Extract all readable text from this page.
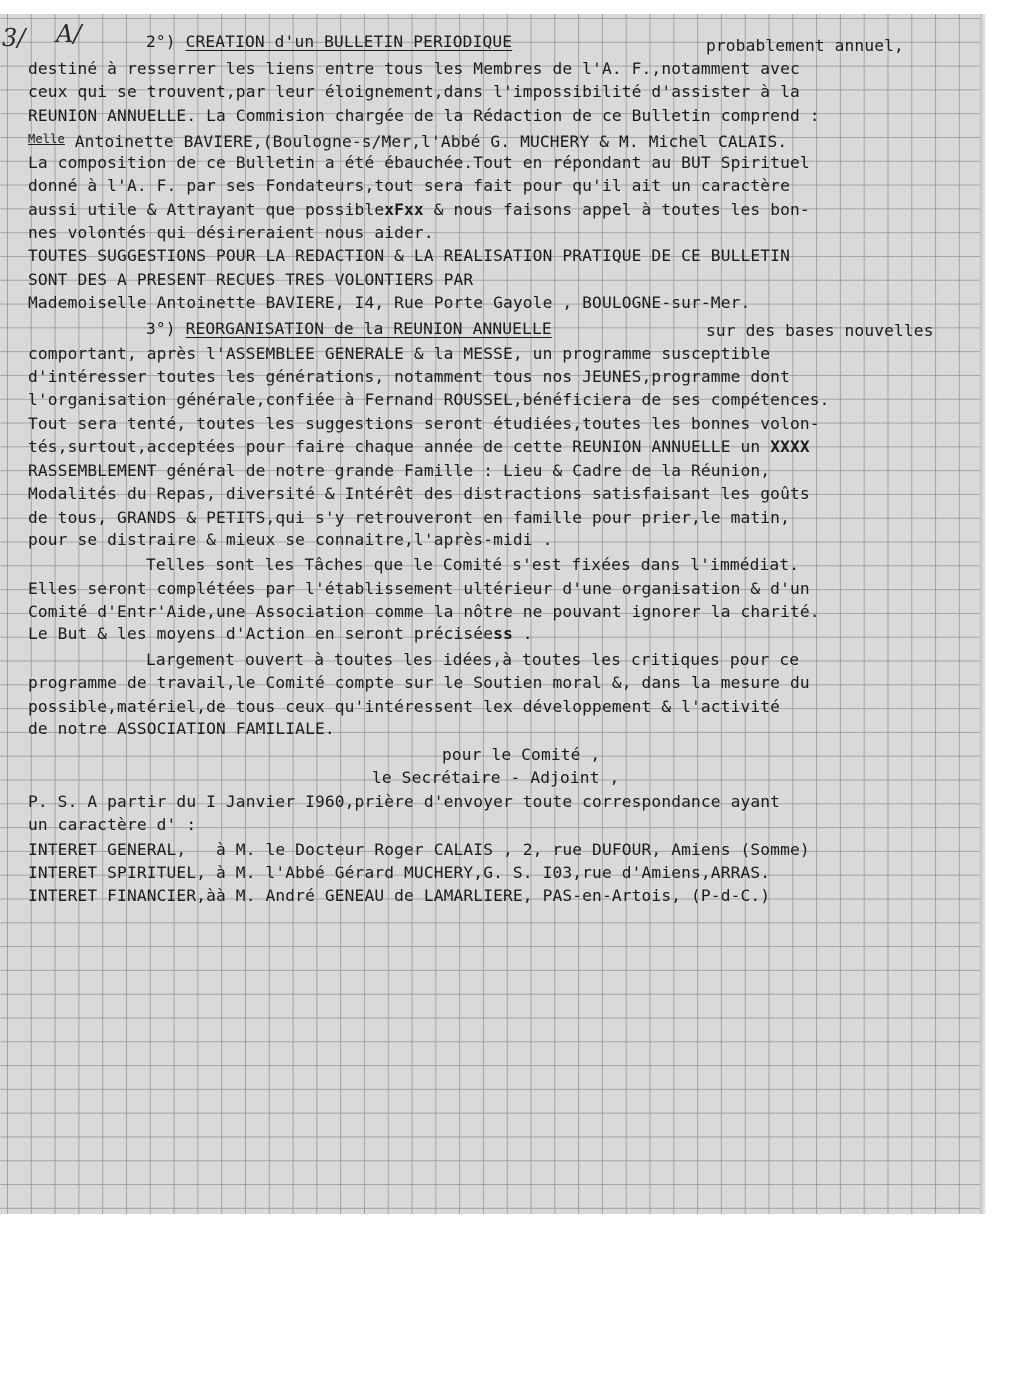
3/ A/	2°) CREATION d'un BULLETIN PERIODIQUE	probablement annuel,
destiné à resserrer les liens entre tous les Membres de l'A. F.,notamment avec
ceux qui se trouvent,par leur éloignement,dans l'impossibilité d'assister à la
REUNION ANNUELLE. La Commision chargée de la Rédaction de ce Bulletin comprend :
$^{Melle}$ Antoinette BAVIERE,(Boulogne-s/Mer,l'Abbé G. MUCHERY & M. Michel CALAIS.
La composition de ce Bulletin a été ébauchée.Tout en répondant au BUT Spirituel
donné à l'A. F. par ses Fondateurs,tout sera fait pour qu'il ait un caractère
aussi utile & Attrayant que possiblexFxx & nous faisons appel à toutes les bon-
nes volontés qui désireraient nous aider.
TOUTES SUGGESTIONS POUR LA REDACTION & LA REALISATION PRATIQUE DE CE BULLETIN
SONT DES A PRESENT RECUES TRES VOLONTIERS PAR
Mademoiselle Antoinette BAVIERE, I4, Rue Porte Gayole , BOULOGNE-sur-Mer.
3°) REORGANISATION de la REUNION ANNUELLE	sur des bases nouvelles
comportant, après l'ASSEMBLEE GENERALE & la MESSE, un programme susceptible
d'intéresser toutes les générations, notamment tous nos JEUNES,programme dont
l'organisation générale,confiée à Fernand ROUSSEL,bénéficiera de ses compétences.
Tout sera tenté, toutes les suggestions seront étudiées,toutes les bonnes volon-
tés,surtout,acceptées pour faire chaque année de cette REUNION ANNUELLE un XXXX
RASSEMBLEMENT général de notre grande Famille : Lieu & Cadre de la Réunion,
Modalités du Repas, diversité & Intérêt des distractions satisfaisant les goûts
de tous, GRANDS & PETITS,qui s'y retrouveront en famille pour prier,le matin,
pour se distraire & mieux se connaitre,l'après-midi .
Telles sont les Tâches que le Comité s'est fixées dans l'immédiat.
Elles seront complétées par l'établissement ultérieur d'une organisation & d'un
Comité d'Entr'Aide,une Association comme la nôtre ne pouvant ignorer la charité.
Le But & les moyens d'Action en seront préciséess .
Largement ouvert à toutes les idées,à toutes les critiques pour ce
programme de travail,le Comité compte sur le Soutien moral &, dans la mesure du
possible,matériel,de tous ceux qu'intéressent lex développement & l'activité
de notre ASSOCIATION FAMILIALE.
pour le Comité ,
le Secrétaire - Adjoint ,
P. S. A partir du I Janvier I960,prière d'envoyer toute correspondance ayant
un caractère d' :
INTERET GENERAL,   à M. le Docteur Roger CALAIS , 2, rue DUFOUR, Amiens (Somme)
INTERET SPIRITUEL, à M. l'Abbé Gérard MUCHERY,G. S. I03,rue d'Amiens,ARRAS.
INTERET FINANCIER,àà M. André GENEAU de LAMARLIERE, PAS-en-Artois, (P-d-C.)
